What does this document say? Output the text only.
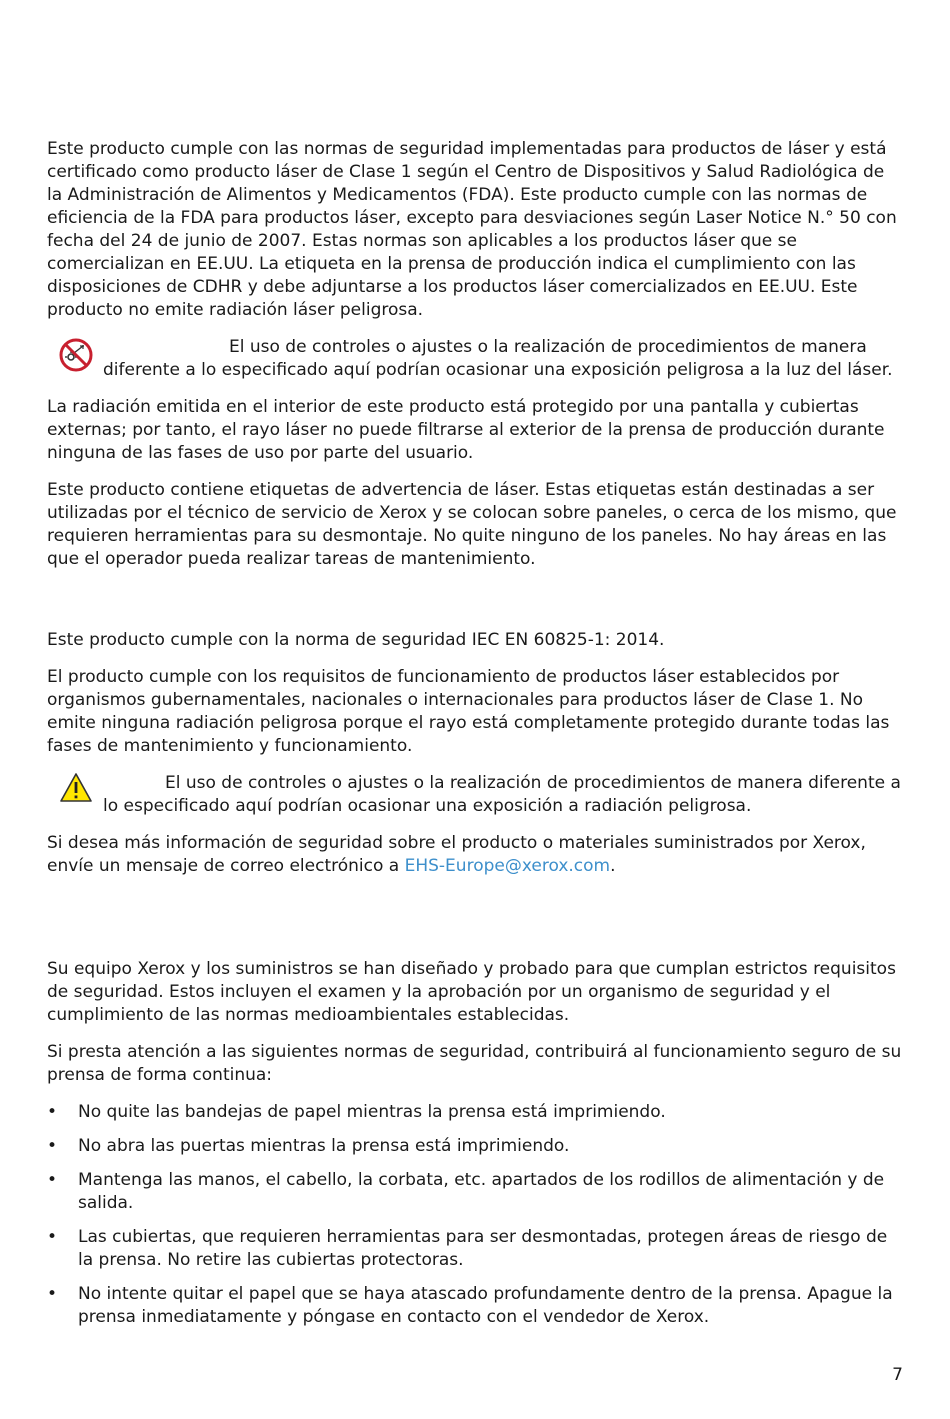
Este producto cumple con las normas de seguridad implementadas para productos de láser y está certificado como producto láser de Clase 1 según el Centro de Dispositivos y Salud Radiológica de la Administración de Alimentos y Medicamentos (FDA). Este producto cumple con las normas de eficiencia de la FDA para productos láser, excepto para desviaciones según Laser Notice N.° 50 con fecha del 24 de junio de 2007. Estas normas son aplicables a los productos láser que se comercializan en EE.UU. La etiqueta en la prensa de producción indica el cumplimiento con las disposiciones de CDHR y debe adjuntarse a los productos láser comercializados en EE.UU. Este producto no emite radiación láser peligrosa.

El uso de controles o ajustes o la realización de procedimientos de manera diferente a lo especificado aquí podrían ocasionar una exposición peligrosa a la luz del láser.

La radiación emitida en el interior de este producto está protegido por una pantalla y cubiertas externas; por tanto, el rayo láser no puede filtrarse al exterior de la prensa de producción durante ninguna de las fases de uso por parte del usuario.

Este producto contiene etiquetas de advertencia de láser. Estas etiquetas están destinadas a ser utilizadas por el técnico de servicio de Xerox y se colocan sobre paneles, o cerca de los mismo, que requieren herramientas para su desmontaje. No quite ninguno de los paneles. No hay áreas en las que el operador pueda realizar tareas de mantenimiento.

Este producto cumple con la norma de seguridad IEC EN 60825-1: 2014.

El producto cumple con los requisitos de funcionamiento de productos láser establecidos por organismos gubernamentales, nacionales o internacionales para productos láser de Clase 1. No emite ninguna radiación peligrosa porque el rayo está completamente protegido durante todas las fases de mantenimiento y funcionamiento.

El uso de controles o ajustes o la realización de procedimientos de manera diferente a lo especificado aquí podrían ocasionar una exposición a radiación peligrosa.

Si desea más información de seguridad sobre el producto o materiales suministrados por Xerox, envíe un mensaje de correo electrónico a EHS-Europe@xerox.com.

Su equipo Xerox y los suministros se han diseñado y probado para que cumplan estrictos requisitos de seguridad. Estos incluyen el examen y la aprobación por un organismo de seguridad y el cumplimiento de las normas medioambientales establecidas.

Si presta atención a las siguientes normas de seguridad, contribuirá al funcionamiento seguro de su prensa de forma continua:

• No quite las bandejas de papel mientras la prensa está imprimiendo.
• No abra las puertas mientras la prensa está imprimiendo.
• Mantenga las manos, el cabello, la corbata, etc. apartados de los rodillos de alimentación y de salida.
• Las cubiertas, que requieren herramientas para ser desmontadas, protegen áreas de riesgo de la prensa. No retire las cubiertas protectoras.
• No intente quitar el papel que se haya atascado profundamente dentro de la prensa. Apague la prensa inmediatamente y póngase en contacto con el vendedor de Xerox.
7
